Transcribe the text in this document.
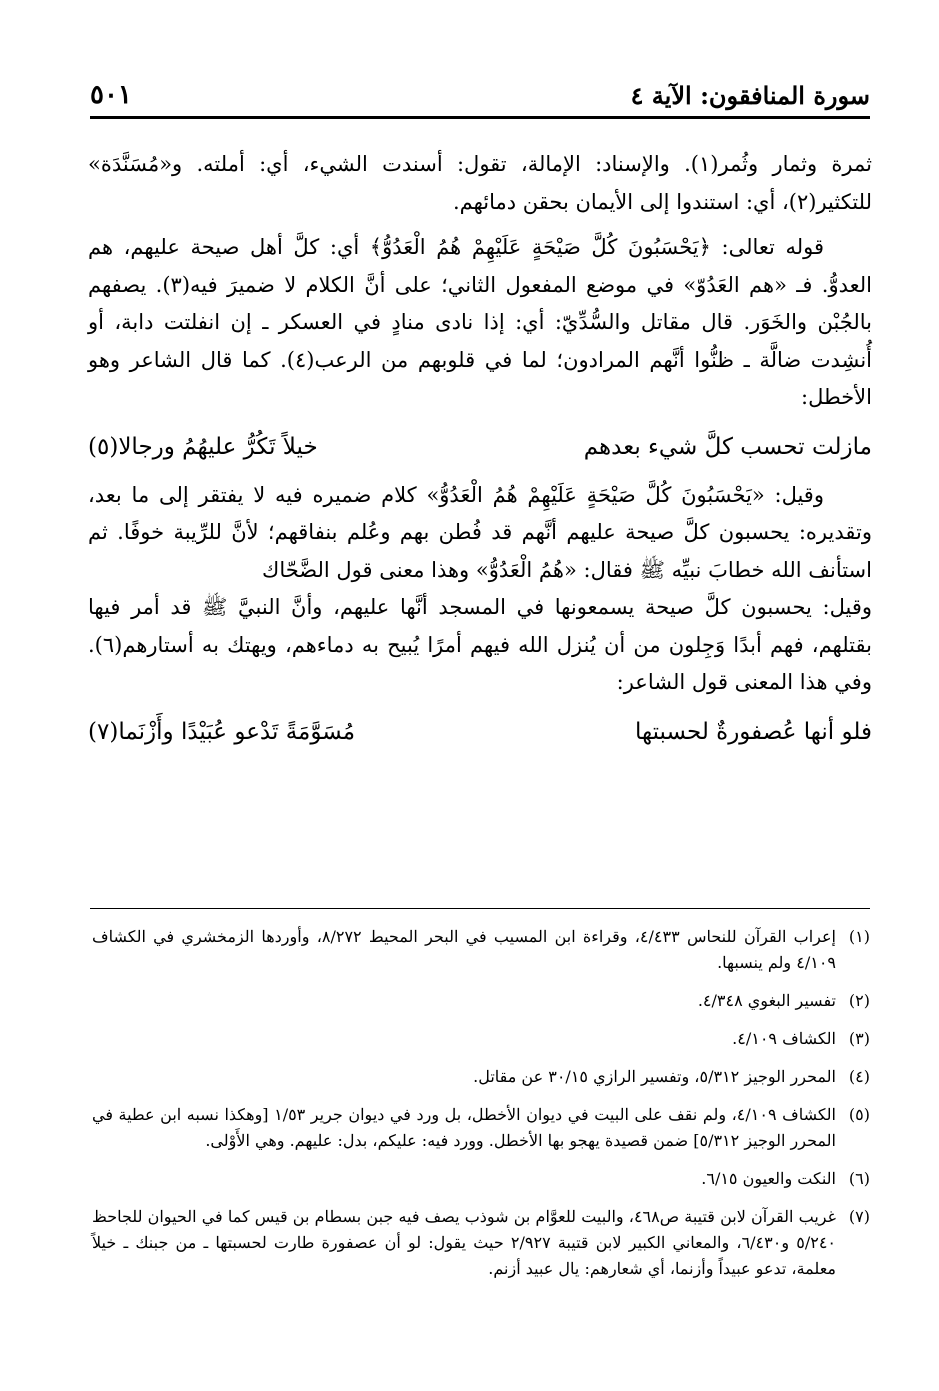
سورة المنافقون: الآية ٤
٥٠١

ثمرة وثمار وثُمر(١). والإسناد: الإمالة، تقول: أسندت الشيء، أي: أملته. و«مُسَنَّدَة» للتكثير(٢)، أي: استندوا إلى الأيمان بحقن دمائهم.

قوله تعالى: ﴿يَحْسَبُونَ كُلَّ صَيْحَةٍ عَلَيْهِمْ هُمُ الْعَدُوُّ﴾ أي: كلَّ أهل صيحة عليهم، هم العدوُّ. فـ «هم العَدُوّ» في موضع المفعول الثاني؛ على أنَّ الكلام لا ضميرَ فيه(٣). يصفهم بالجُبْن والخَوَر. قال مقاتل والسُّدِّيّ: أي: إذا نادى منادٍ في العسكر ـ إن انفلتت دابة، أو أُنشِدت ضالَّة ـ ظنُّوا أنَّهم المرادون؛ لما في قلوبهم من الرعب(٤). كما قال الشاعر وهو الأخطل:

مازلت تحسب كلَّ شيء بعدهم
خيلاً تَكُرُّ عليهُمُ ورجالا(٥)

وقيل: «يَحْسَبُونَ كُلَّ صَيْحَةٍ عَلَيْهِمْ هُمُ الْعَدُوُّ» كلام ضميره فيه لا يفتقر إلى ما بعد، وتقديره: يحسبون كلَّ صيحة عليهم أنَّهم قد فُطن بهم وعُلم بنفاقهم؛ لأنَّ للرِّيبة خوفًا. ثم استأنف الله خطابَ نبيِّه ﷺ فقال: «هُمُ الْعَدُوُّ» وهذا معنى قول الضَّحّاك

وقيل: يحسبون كلَّ صيحة يسمعونها في المسجد أنَّها عليهم، وأنَّ النبيَّ ﷺ قد أمر فيها بقتلهم، فهم أبدًا وَجِلون من أن يُنزل الله فيهم أمرًا يُبيح به دماءهم، ويهتك به أستارهم(٦). وفي هذا المعنى قول الشاعر:

فلو أنها عُصفورةٌ لحسبتها
مُسَوَّمَةً تَدْعو عُبَيْدًا وأَزْنَما(٧)
(١)
إعراب القرآن للنحاس ٤/٤٣٣، وقراءة ابن المسيب في البحر المحيط ٨/٢٧٢، وأوردها الزمخشري في الكشاف ٤/١٠٩ ولم ينسبها.
(٢)
تفسير البغوي ٤/٣٤٨.
(٣)
الكشاف ٤/١٠٩.
(٤)
المحرر الوجيز ٥/٣١٢، وتفسير الرازي ٣٠/١٥ عن مقاتل.
(٥)
الكشاف ٤/١٠٩، ولم نقف على البيت في ديوان الأخطل، بل ورد في ديوان جرير ١/٥٣ [وهكذا نسبه ابن عطية في المحرر الوجيز ٥/٣١٢] ضمن قصيدة يهجو بها الأخطل. وورد فيه: عليكم، بدل: عليهم. وهي الأَوْلى.
(٦)
النكت والعيون ٦/١٥.
(٧)
غريب القرآن لابن قتيبة ص٤٦٨، والبيت للعوَّام بن شوذب يصف فيه جبن بسطام بن قيس كما في الحيوان للجاحظ ٥/٢٤٠ و٦/٤٣٠، والمعاني الكبير لابن قتيبة ٢/٩٢٧ حيث يقول: لو أن عصفورة طارت لحسبتها ـ من جبنك ـ خيلاً معلمة، تدعو عبيداً وأزنما، أي شعارهم: يال عبيد أزنم.
